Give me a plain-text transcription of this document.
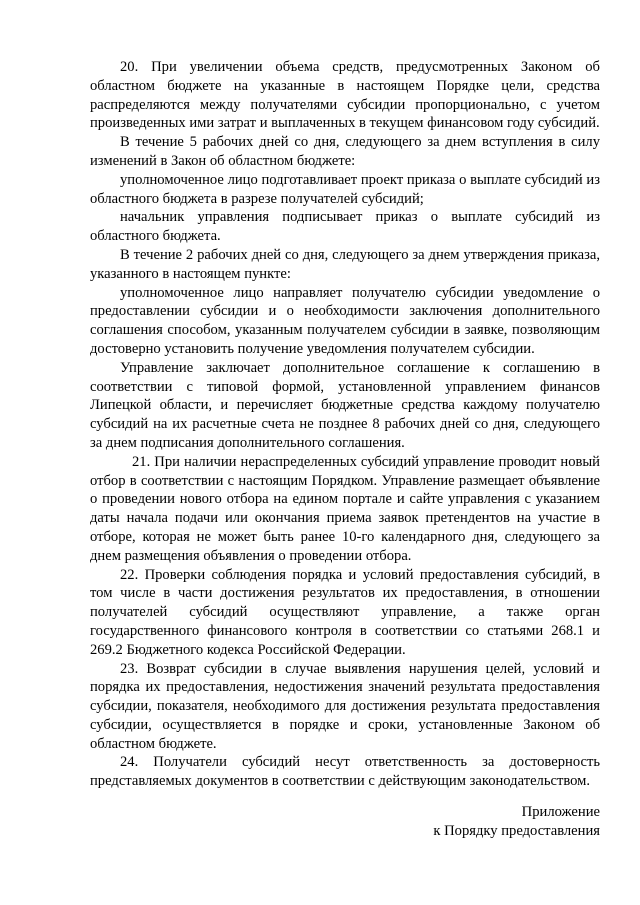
20. При увеличении объема средств, предусмотренных Законом об областном бюджете на указанные в настоящем Порядке цели, средства распределяются между получателями субсидии пропорционально, с учетом произведенных ими затрат и выплаченных в текущем финансовом году субсидий.

В течение 5 рабочих дней со дня, следующего за днем вступления в силу изменений в Закон об областном бюджете:

уполномоченное лицо подготавливает проект приказа о выплате субсидий из областного бюджета в разрезе получателей субсидий;

начальник управления подписывает приказ о выплате субсидий из областного бюджета.

В течение 2 рабочих дней со дня, следующего за днем утверждения приказа, указанного в настоящем пункте:

уполномоченное лицо направляет получателю субсидии уведомление о предоставлении субсидии и о необходимости заключения дополнительного соглашения способом, указанным получателем субсидии в заявке, позволяющим достоверно установить получение уведомления получателем субсидии.

Управление заключает дополнительное соглашение к соглашению в соответствии с типовой формой, установленной управлением финансов Липецкой области, и перечисляет бюджетные средства каждому получателю субсидий на их расчетные счета не позднее 8 рабочих дней со дня, следующего за днем подписания дополнительного соглашения.

21. При наличии нераспределенных субсидий управление проводит новый отбор в соответствии с настоящим Порядком. Управление размещает объявление о проведении нового отбора на едином портале и сайте управления с указанием даты начала подачи или окончания приема заявок претендентов на участие в отборе, которая не может быть ранее 10-го календарного дня, следующего за днем размещения объявления о проведении отбора.

22. Проверки соблюдения порядка и условий предоставления субсидий, в том числе в части достижения результатов их предоставления, в отношении получателей субсидий осуществляют управление, а также орган государственного финансового контроля в соответствии со статьями 268.1 и 269.2 Бюджетного кодекса Российской Федерации.

23. Возврат субсидии в случае выявления нарушения целей, условий и порядка их предоставления, недостижения значений результата предоставления субсидии, показателя, необходимого для достижения результата предоставления субсидии, осуществляется в порядке и сроки, установленные Законом об областном бюджете.

24. Получатели субсидий несут ответственность за достоверность представляемых документов в соответствии с действующим законодательством.

Приложение
к Порядку предоставления
